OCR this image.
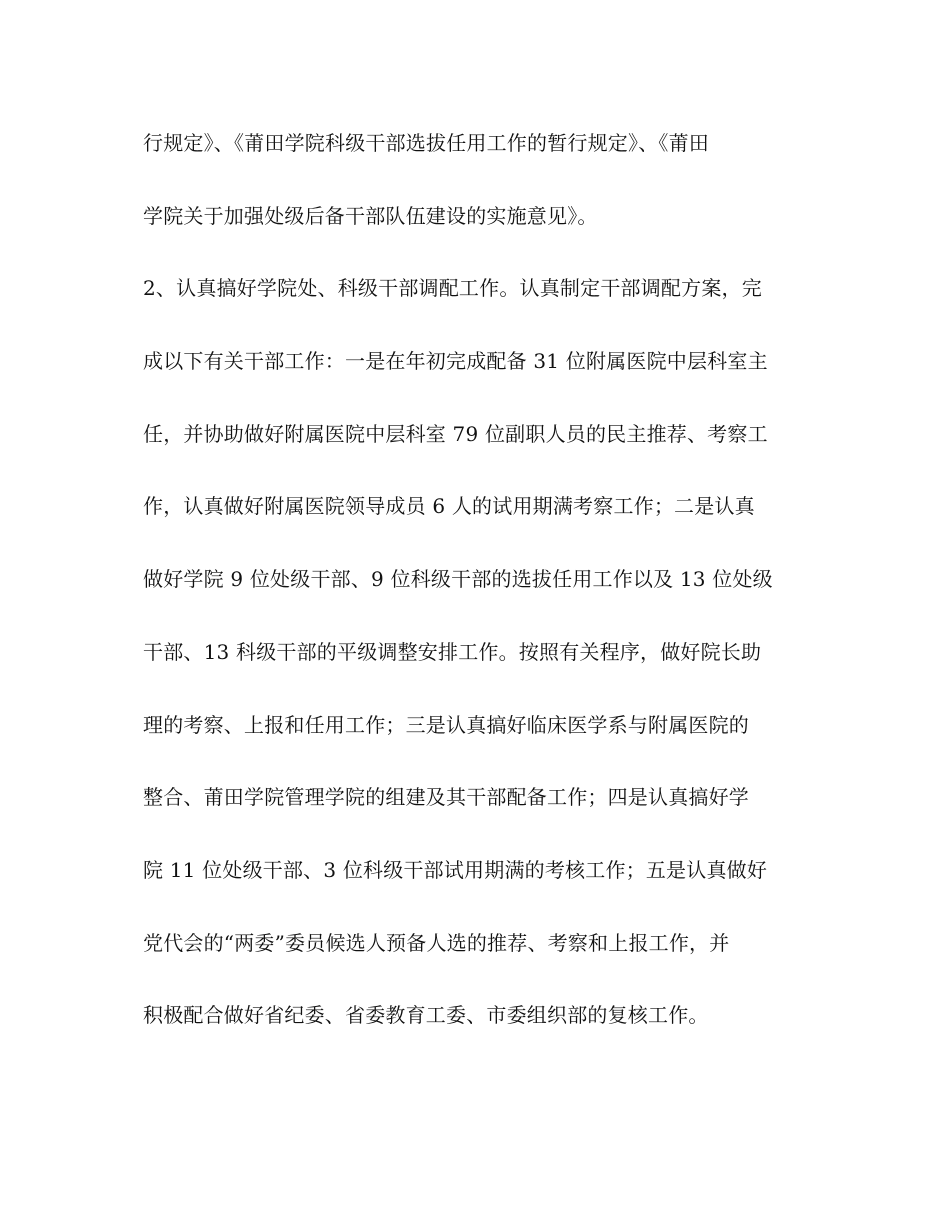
行规定》、《莆田学院科级干部选拔任用工作的暂行规定》、《莆田
学院关于加强处级后备干部队伍建设的实施意见》。
2、认真搞好学院处、科级干部调配工作。认真制定干部调配方案，完
成以下有关干部工作：一是在年初完成配备 31 位附属医院中层科室主
任，并协助做好附属医院中层科室 79 位副职人员的民主推荐、考察工
作，认真做好附属医院领导成员 6 人的试用期满考察工作；二是认真
做好学院 9 位处级干部、9 位科级干部的选拔任用工作以及 13 位处级
干部、13 科级干部的平级调整安排工作。按照有关程序，做好院长助
理的考察、上报和任用工作；三是认真搞好临床医学系与附属医院的
整合、莆田学院管理学院的组建及其干部配备工作；四是认真搞好学
院 11 位处级干部、3 位科级干部试用期满的考核工作；五是认真做好
党代会的“两委”委员候选人预备人选的推荐、考察和上报工作，并
积极配合做好省纪委、省委教育工委、市委组织部的复核工作。
